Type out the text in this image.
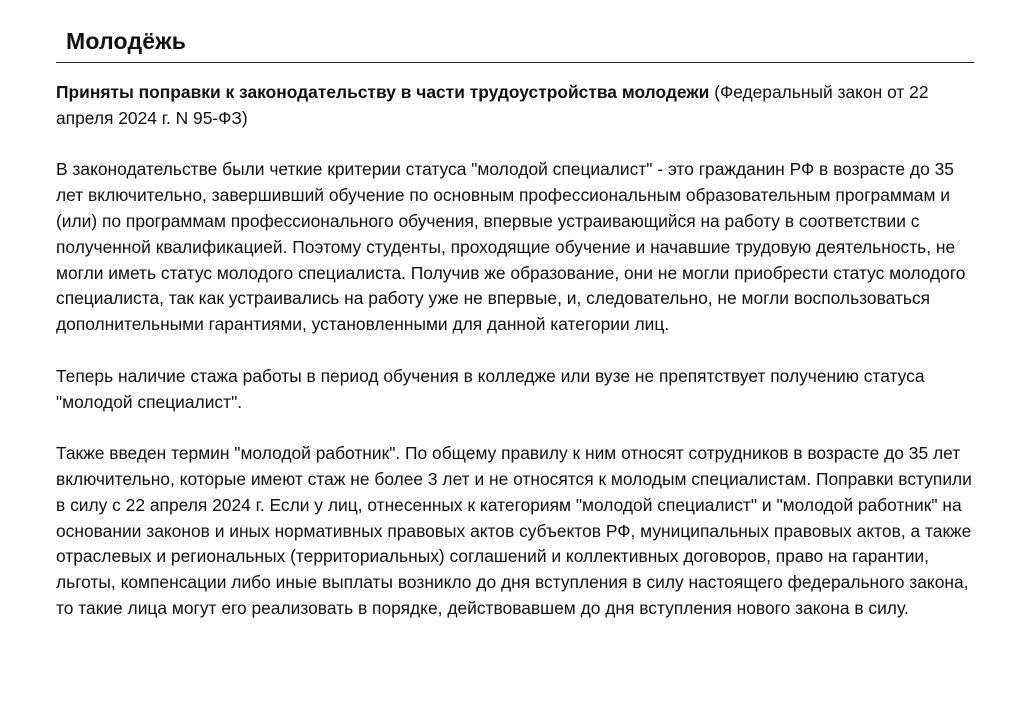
Молодёжь

Приняты поправки к законодательству в части трудоустройства молодежи (Федеральный закон от 22 апреля 2024 г. N 95-ФЗ)

В законодательстве были четкие критерии статуса "молодой специалист" - это гражданин РФ в возрасте до 35 лет включительно, завершивший обучение по основным профессиональным образовательным программам и (или) по программам профессионального обучения, впервые устраивающийся на работу в соответствии с полученной квалификацией. Поэтому студенты, проходящие обучение и начавшие трудовую деятельность, не могли иметь статус молодого специалиста. Получив же образование, они не могли приобрести статус молодого специалиста, так как устраивались на работу уже не впервые, и, следовательно, не могли воспользоваться дополнительными гарантиями, установленными для данной категории лиц.

Теперь наличие стажа работы в период обучения в колледже или вузе не препятствует получению статуса "молодой специалист".

Также введен термин "молодой работник". По общему правилу к ним относят сотрудников в возрасте до 35 лет включительно, которые имеют стаж не более 3 лет и не относятся к молодым специалистам. Поправки вступили в силу с 22 апреля 2024 г. Если у лиц, отнесенных к категориям "молодой специалист" и "молодой работник" на основании законов и иных нормативных правовых актов субъектов РФ, муниципальных правовых актов, а также отраслевых и региональных (территориальных) соглашений и коллективных договоров, право на гарантии, льготы, компенсации либо иные выплаты возникло до дня вступления в силу настоящего федерального закона, то такие лица могут его реализовать в порядке, действовавшем до дня вступления нового закона в силу.
